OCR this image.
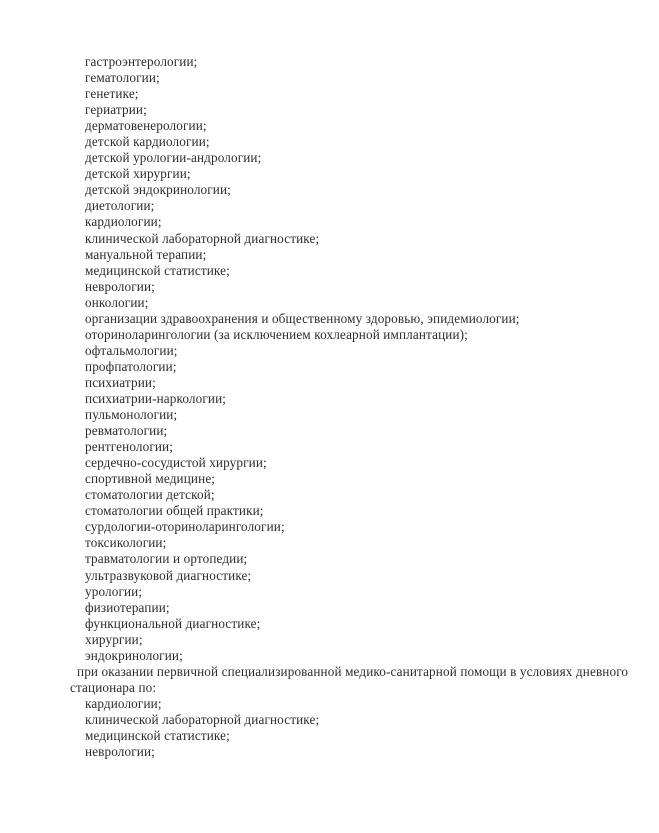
гастроэнтерологии;
гематологии;
генетике;
гериатрии;
дерматовенерологии;
детской кардиологии;
детской урологии-андрологии;
детской хирургии;
детской эндокринологии;
диетологии;
кардиологии;
клинической лабораторной диагностике;
мануальной терапии;
медицинской статистике;
неврологии;
онкологии;
организации здравоохранения и общественному здоровью, эпидемиологии;
оториноларингологии (за исключением кохлеарной имплантации);
офтальмологии;
профпатологии;
психиатрии;
психиатрии-наркологии;
пульмонологии;
ревматологии;
рентгенологии;
сердечно-сосудистой хирургии;
спортивной медицине;
стоматологии детской;
стоматологии общей практики;
сурдологии-оториноларингологии;
токсикологии;
травматологии и ортопедии;
ультразвуковой диагностике;
урологии;
физиотерапии;
функциональной диагностике;
хирургии;
эндокринологии;

при оказании первичной специализированной медико-санитарной помощи в условиях дневного стационара по:

кардиологии;
клинической лабораторной диагностике;
медицинской статистике;
неврологии;
